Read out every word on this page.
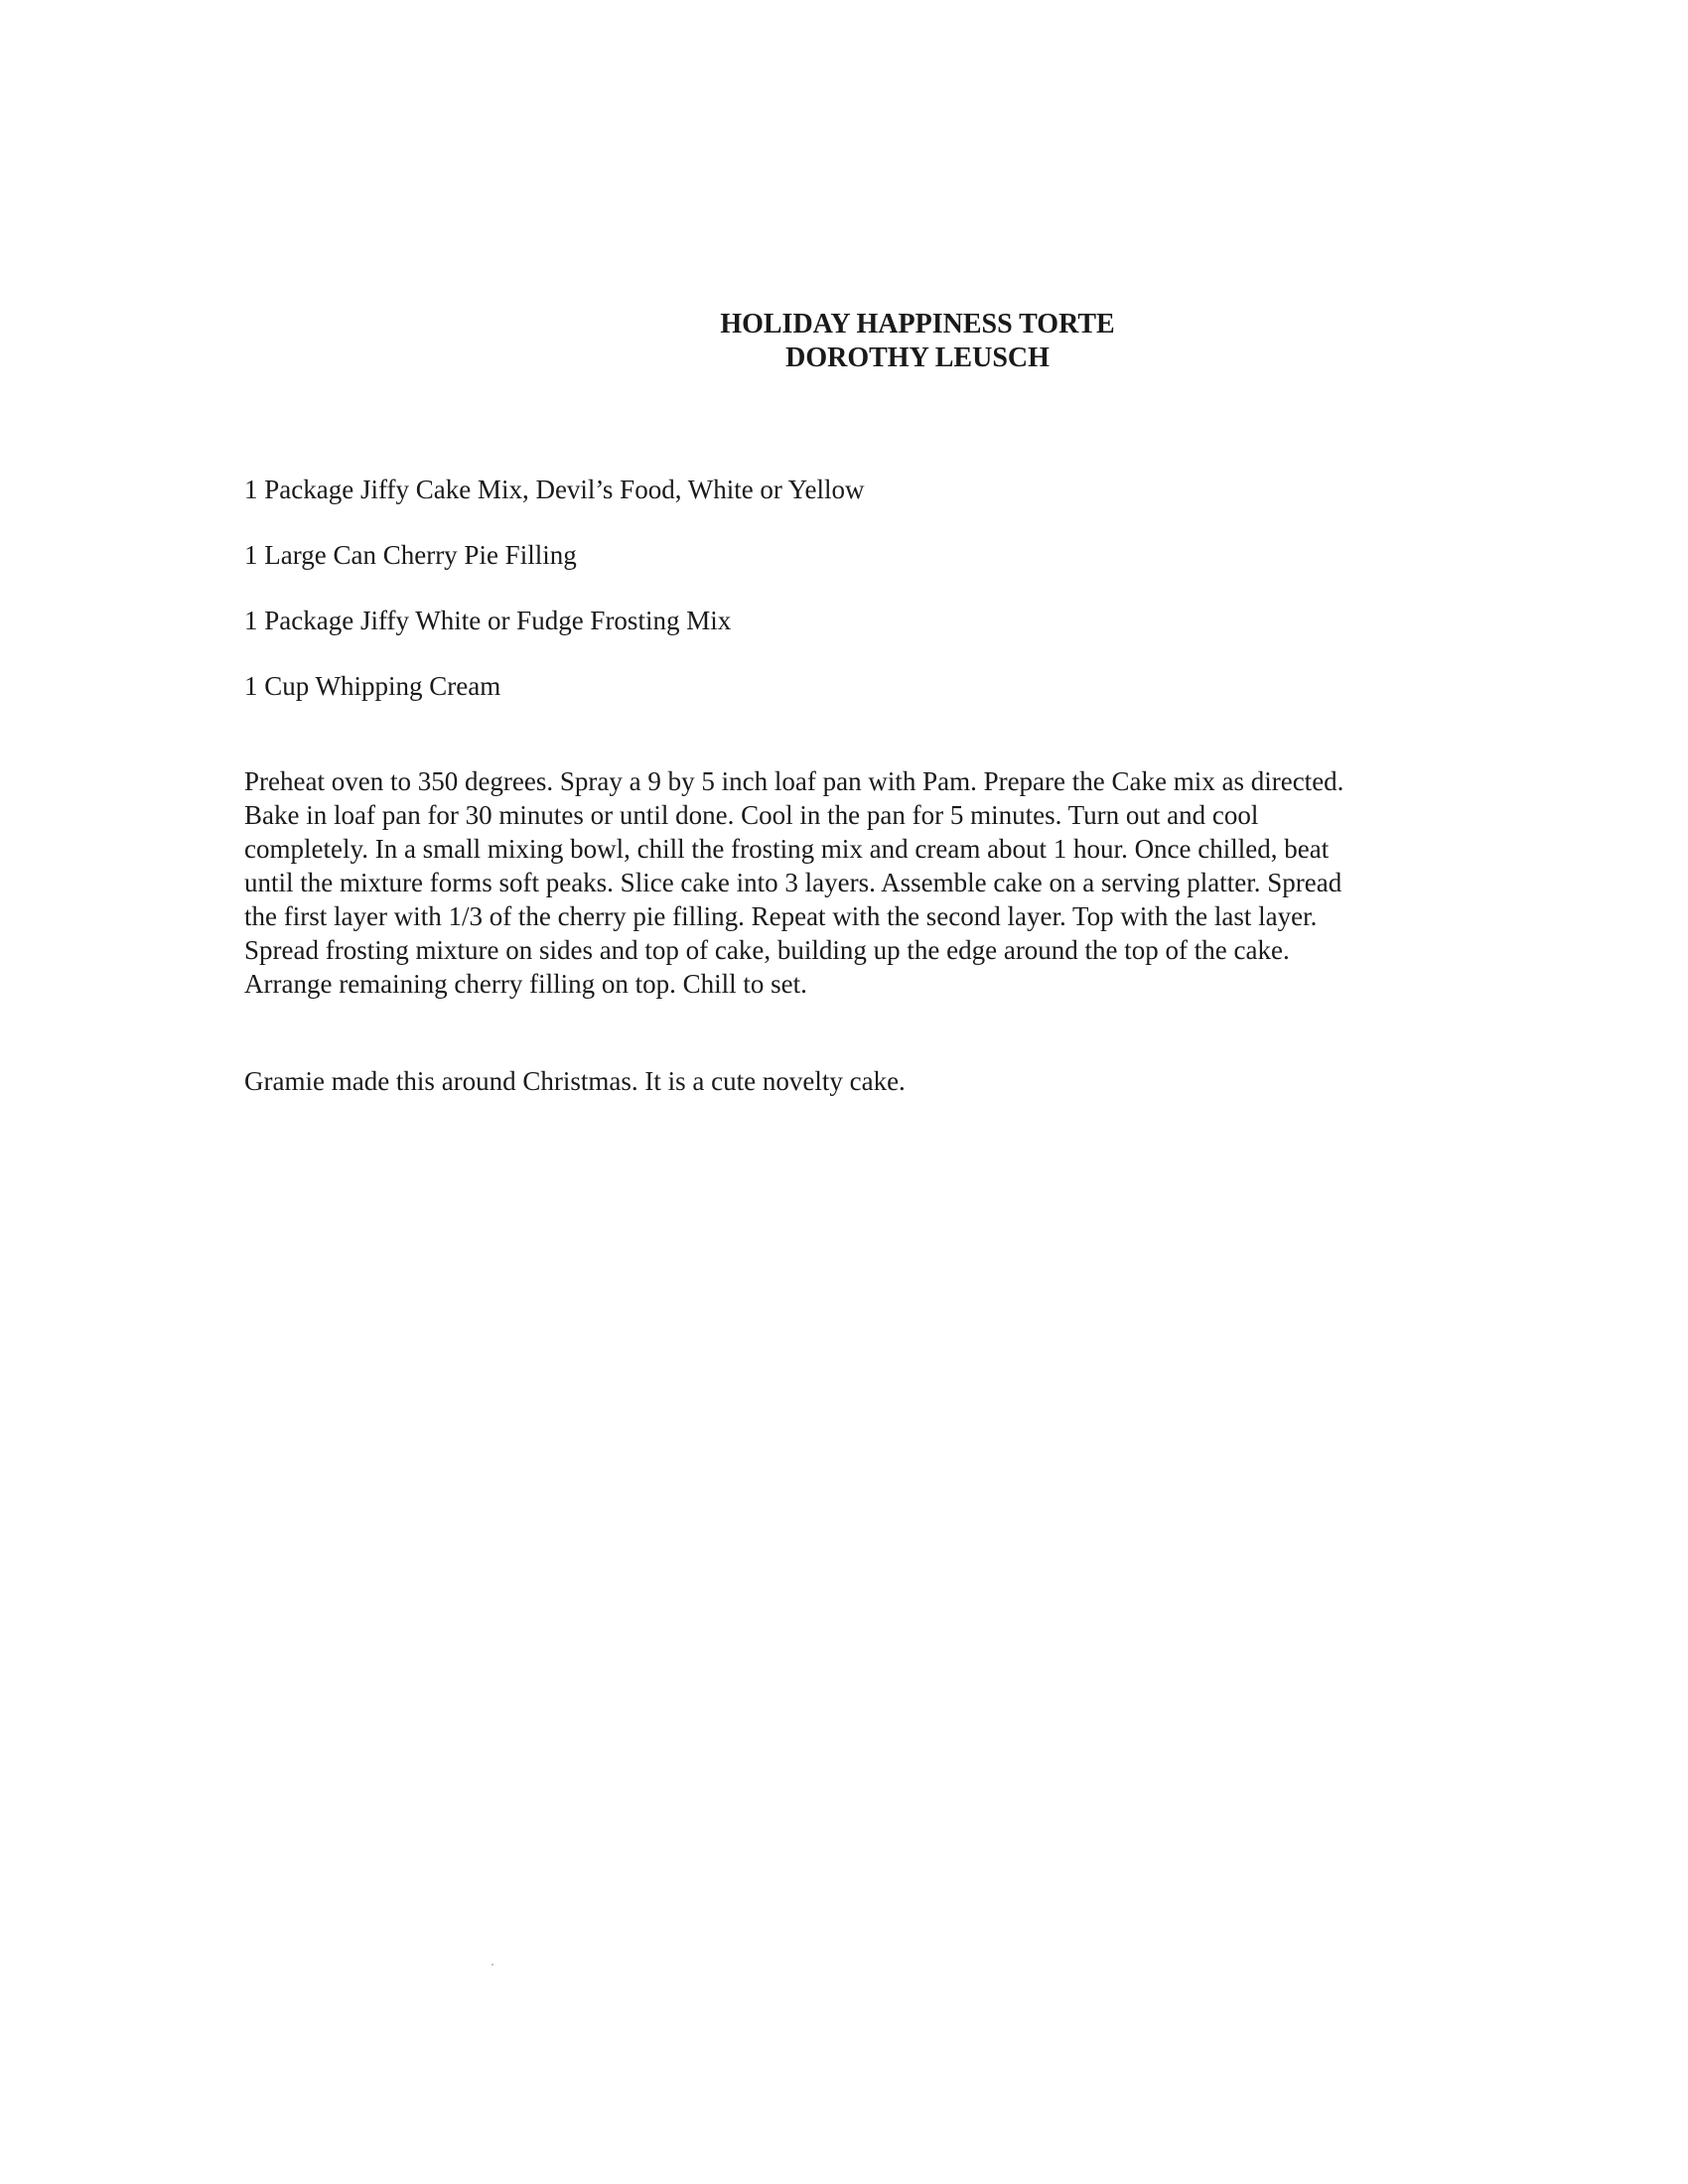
HOLIDAY HAPPINESS TORTE
DOROTHY LEUSCH
1 Package Jiffy Cake Mix, Devil’s Food, White or Yellow
1 Large Can Cherry Pie Filling
1 Package Jiffy White or Fudge Frosting Mix
1 Cup Whipping Cream

Preheat oven to 350 degrees. Spray a 9 by 5 inch loaf pan with Pam. Prepare the Cake mix as directed.
Bake in loaf pan for 30 minutes or until done. Cool in the pan for 5 minutes. Turn out and cool
completely. In a small mixing bowl, chill the frosting mix and cream about 1 hour. Once chilled, beat
until the mixture forms soft peaks. Slice cake into 3 layers. Assemble cake on a serving platter. Spread
the first layer with 1/3 of the cherry pie filling. Repeat with the second layer. Top with the last layer.
Spread frosting mixture on sides and top of cake, building up the edge around the top of the cake.
Arrange remaining cherry filling on top. Chill to set.

Gramie made this around Christmas. It is a cute novelty cake.
